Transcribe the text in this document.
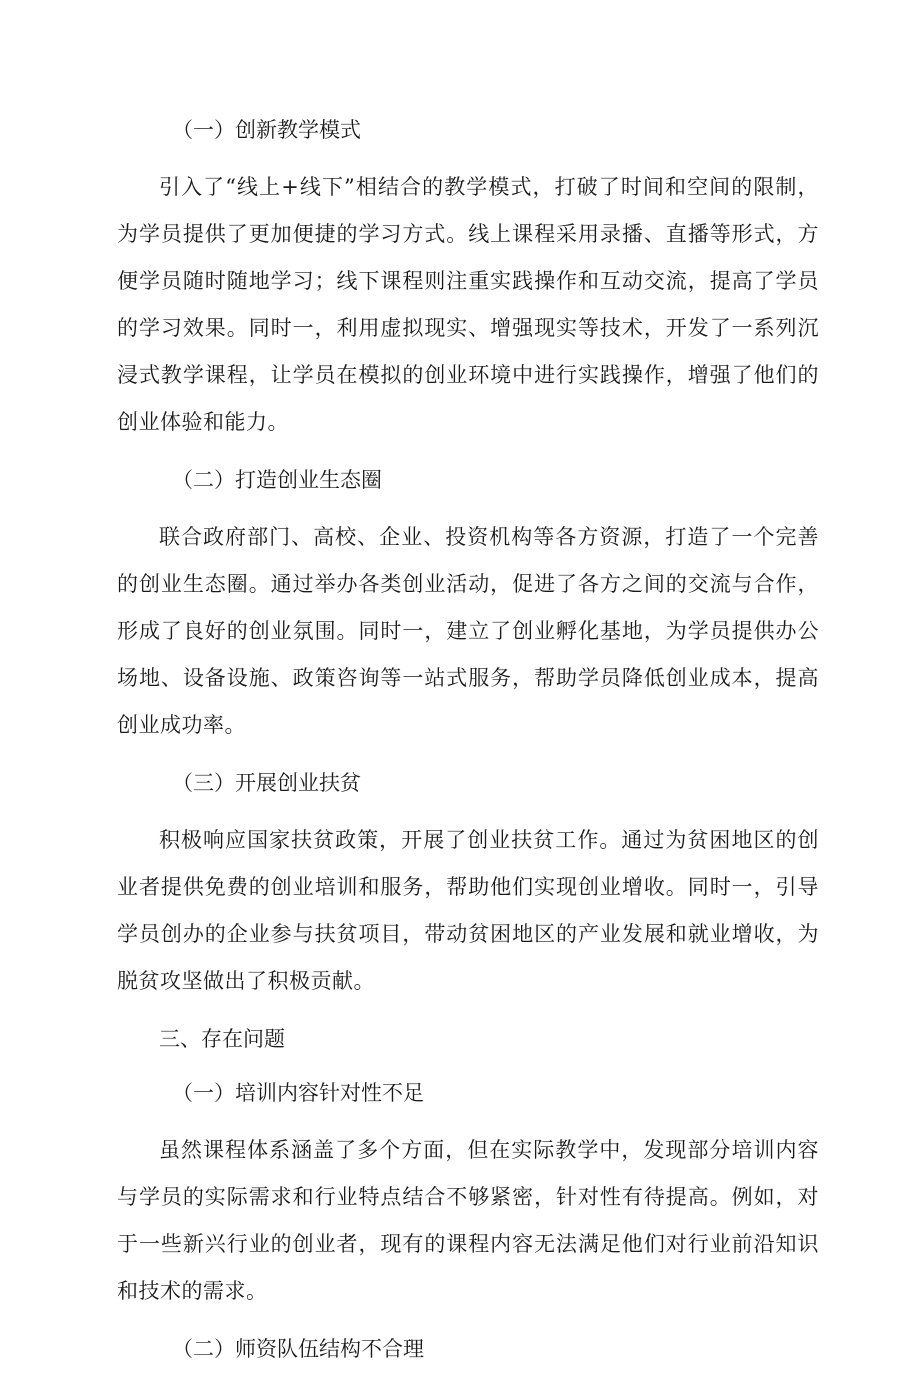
（一）创新教学模式

引入了“线上+线下”相结合的教学模式，打破了时间和空间的限制，为学员提供了更加便捷的学习方式。线上课程采用录播、直播等形式，方便学员随时随地学习；线下课程则注重实践操作和互动交流，提高了学员的学习效果。同时一，利用虚拟现实、增强现实等技术，开发了一系列沉浸式教学课程，让学员在模拟的创业环境中进行实践操作，增强了他们的创业体验和能力。

（二）打造创业生态圈

联合政府部门、高校、企业、投资机构等各方资源，打造了一个完善的创业生态圈。通过举办各类创业活动，促进了各方之间的交流与合作，形成了良好的创业氛围。同时一，建立了创业孵化基地，为学员提供办公场地、设备设施、政策咨询等一站式服务，帮助学员降低创业成本，提高创业成功率。

（三）开展创业扶贫

积极响应国家扶贫政策，开展了创业扶贫工作。通过为贫困地区的创业者提供免费的创业培训和服务，帮助他们实现创业增收。同时一，引导学员创办的企业参与扶贫项目，带动贫困地区的产业发展和就业增收，为脱贫攻坚做出了积极贡献。

三、存在问题
（一）培训内容针对性不足

虽然课程体系涵盖了多个方面，但在实际教学中，发现部分培训内容与学员的实际需求和行业特点结合不够紧密，针对性有待提高。例如，对于一些新兴行业的创业者，现有的课程内容无法满足他们对行业前沿知识和技术的需求。

（二）师资队伍结构不合理
